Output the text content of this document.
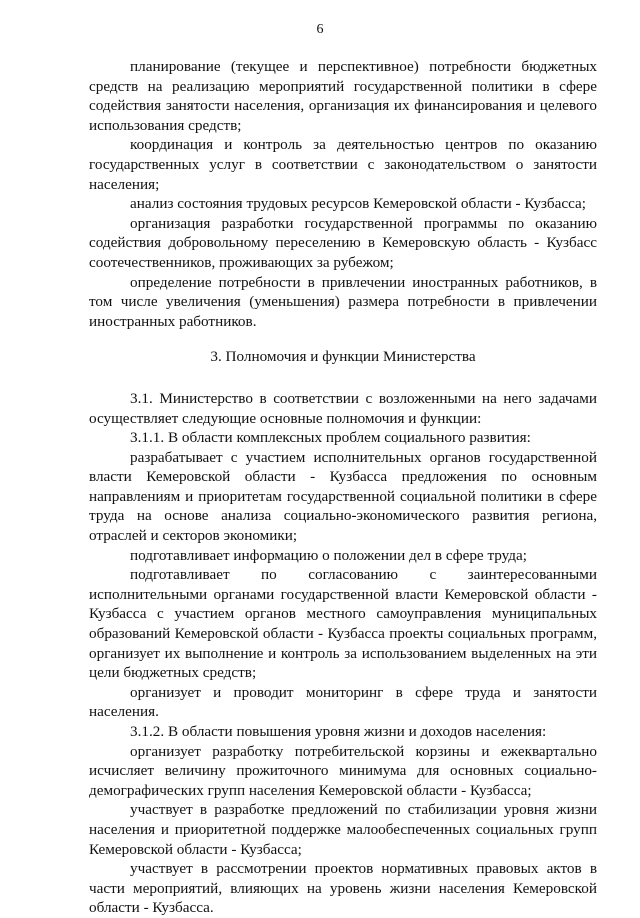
6

планирование (текущее и перспективное) потребности бюджетных средств на реализацию мероприятий государственной политики в сфере содействия занятости населения, организация их финансирования и целевого использования средств;

координация и контроль за деятельностью центров по оказанию государственных услуг в соответствии с законодательством о занятости населения;

анализ состояния трудовых ресурсов Кемеровской области - Кузбасса;

организация разработки государственной программы по оказанию содействия добровольному переселению в Кемеровскую область - Кузбасс соотечественников, проживающих за рубежом;

определение потребности в привлечении иностранных работников, в том числе увеличения (уменьшения) размера потребности в привлечении иностранных работников.

3. Полномочия и функции Министерства

3.1. Министерство в соответствии с возложенными на него задачами осуществляет следующие основные полномочия и функции:

3.1.1. В области комплексных проблем социального развития:

разрабатывает с участием исполнительных органов государственной власти Кемеровской области - Кузбасса предложения по основным направлениям и приоритетам государственной социальной политики в сфере труда на основе анализа социально-экономического развития региона, отраслей и секторов экономики;

подготавливает информацию о положении дел в сфере труда;

подготавливает по согласованию с заинтересованными исполнительными органами государственной власти Кемеровской области - Кузбасса с участием органов местного самоуправления муниципальных образований Кемеровской области - Кузбасса проекты социальных программ, организует их выполнение и контроль за использованием выделенных на эти цели бюджетных средств;

организует и проводит мониторинг в сфере труда и занятости населения.

3.1.2. В области повышения уровня жизни и доходов населения:

организует разработку потребительской корзины и ежеквартально исчисляет величину прожиточного минимума для основных социально-демографических групп населения Кемеровской области - Кузбасса;

участвует в разработке предложений по стабилизации уровня жизни населения и приоритетной поддержке малообеспеченных социальных групп Кемеровской области - Кузбасса;

участвует в рассмотрении проектов нормативных правовых актов в части мероприятий, влияющих на уровень жизни населения Кемеровской области - Кузбасса.
